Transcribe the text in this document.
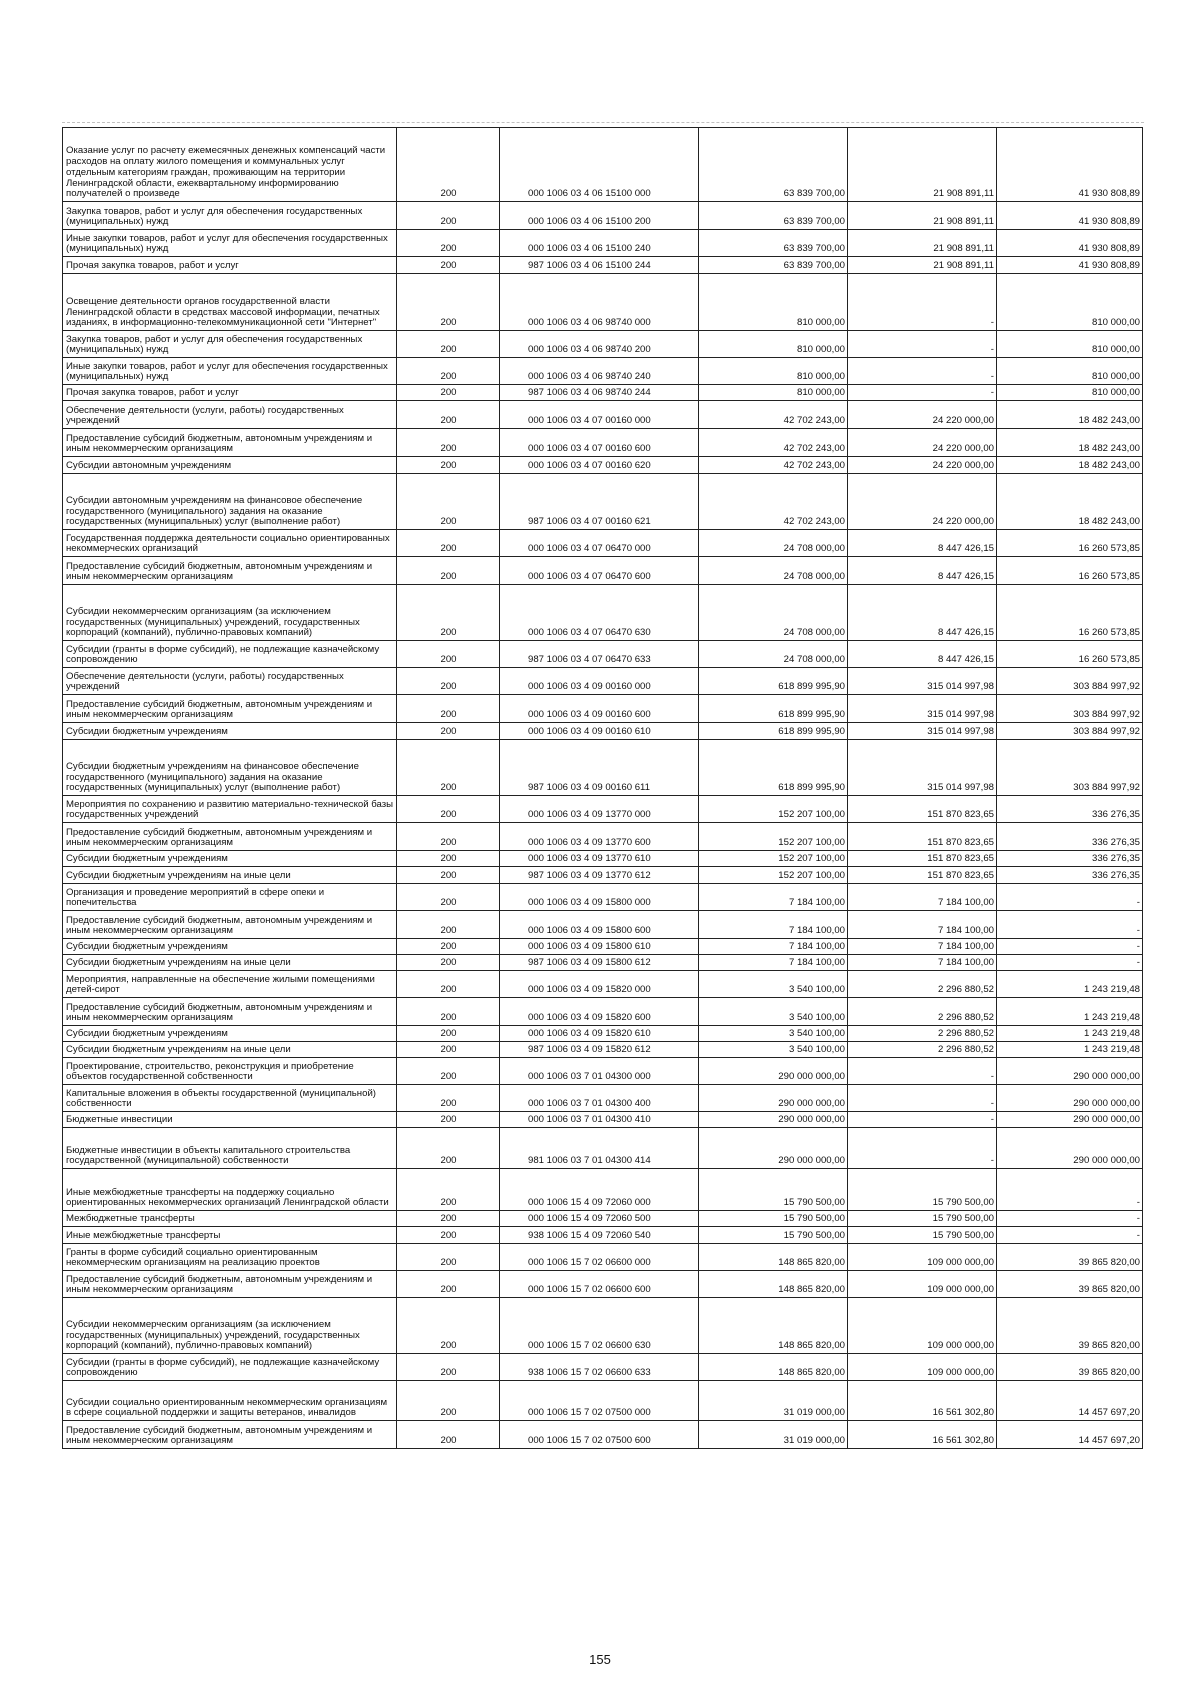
Оказание услуг по расчету ежемесячных денежных компенсаций части расходов на оплату жилого помещения и коммунальных услуг отдельным категориям граждан, проживающим на территории Ленинградской области, ежеквартальному информированию получателей о произведе	200	000 1006 03 4 06 15100 000	63 839 700,00	21 908 891,11	41 930 808,89
Закупка товаров, работ и услуг для обеспечения государственных (муниципальных) нужд	200	000 1006 03 4 06 15100 200	63 839 700,00	21 908 891,11	41 930 808,89
Иные закупки товаров, работ и услуг для обеспечения государственных (муниципальных) нужд	200	000 1006 03 4 06 15100 240	63 839 700,00	21 908 891,11	41 930 808,89
Прочая закупка товаров, работ и услуг	200	987 1006 03 4 06 15100 244	63 839 700,00	21 908 891,11	41 930 808,89
Освещение деятельности органов государственной власти Ленинградской области в средствах массовой информации, печатных изданиях, в информационно-телекоммуникационной сети "Интернет"	200	000 1006 03 4 06 98740 000	810 000,00	-	810 000,00
Закупка товаров, работ и услуг для обеспечения государственных (муниципальных) нужд	200	000 1006 03 4 06 98740 200	810 000,00	-	810 000,00
Иные закупки товаров, работ и услуг для обеспечения государственных (муниципальных) нужд	200	000 1006 03 4 06 98740 240	810 000,00	-	810 000,00
Прочая закупка товаров, работ и услуг	200	987 1006 03 4 06 98740 244	810 000,00	-	810 000,00
Обеспечение деятельности (услуги, работы) государственных учреждений	200	000 1006 03 4 07 00160 000	42 702 243,00	24 220 000,00	18 482 243,00
Предоставление субсидий бюджетным, автономным учреждениям и иным некоммерческим организациям	200	000 1006 03 4 07 00160 600	42 702 243,00	24 220 000,00	18 482 243,00
Субсидии автономным учреждениям	200	000 1006 03 4 07 00160 620	42 702 243,00	24 220 000,00	18 482 243,00
Субсидии автономным учреждениям на финансовое обеспечение государственного (муниципального) задания на оказание государственных (муниципальных) услуг (выполнение работ)	200	987 1006 03 4 07 00160 621	42 702 243,00	24 220 000,00	18 482 243,00
Государственная поддержка деятельности социально ориентированных некоммерческих организаций	200	000 1006 03 4 07 06470 000	24 708 000,00	8 447 426,15	16 260 573,85
Предоставление субсидий бюджетным, автономным учреждениям и иным некоммерческим организациям	200	000 1006 03 4 07 06470 600	24 708 000,00	8 447 426,15	16 260 573,85
Субсидии некоммерческим организациям (за исключением государственных (муниципальных) учреждений, государственных корпораций (компаний), публично-правовых компаний)	200	000 1006 03 4 07 06470 630	24 708 000,00	8 447 426,15	16 260 573,85
Субсидии (гранты в форме субсидий), не подлежащие казначейскому сопровождению	200	987 1006 03 4 07 06470 633	24 708 000,00	8 447 426,15	16 260 573,85
Обеспечение деятельности (услуги, работы) государственных учреждений	200	000 1006 03 4 09 00160 000	618 899 995,90	315 014 997,98	303 884 997,92
Предоставление субсидий бюджетным, автономным учреждениям и иным некоммерческим организациям	200	000 1006 03 4 09 00160 600	618 899 995,90	315 014 997,98	303 884 997,92
Субсидии бюджетным учреждениям	200	000 1006 03 4 09 00160 610	618 899 995,90	315 014 997,98	303 884 997,92
Субсидии бюджетным учреждениям на финансовое обеспечение государственного (муниципального) задания на оказание государственных (муниципальных) услуг (выполнение работ)	200	987 1006 03 4 09 00160 611	618 899 995,90	315 014 997,98	303 884 997,92
Мероприятия по сохранению и развитию материально-технической базы государственных учреждений	200	000 1006 03 4 09 13770 000	152 207 100,00	151 870 823,65	336 276,35
Предоставление субсидий бюджетным, автономным учреждениям и иным некоммерческим организациям	200	000 1006 03 4 09 13770 600	152 207 100,00	151 870 823,65	336 276,35
Субсидии бюджетным учреждениям	200	000 1006 03 4 09 13770 610	152 207 100,00	151 870 823,65	336 276,35
Субсидии бюджетным учреждениям на иные цели	200	987 1006 03 4 09 13770 612	152 207 100,00	151 870 823,65	336 276,35
Организация и проведение мероприятий в сфере опеки и попечительства	200	000 1006 03 4 09 15800 000	7 184 100,00	7 184 100,00	-
Предоставление субсидий бюджетным, автономным учреждениям и иным некоммерческим организациям	200	000 1006 03 4 09 15800 600	7 184 100,00	7 184 100,00	-
Субсидии бюджетным учреждениям	200	000 1006 03 4 09 15800 610	7 184 100,00	7 184 100,00	-
Субсидии бюджетным учреждениям на иные цели	200	987 1006 03 4 09 15800 612	7 184 100,00	7 184 100,00	-
Мероприятия, направленные на обеспечение жилыми помещениями детей-сирот	200	000 1006 03 4 09 15820 000	3 540 100,00	2 296 880,52	1 243 219,48
Предоставление субсидий бюджетным, автономным учреждениям и иным некоммерческим организациям	200	000 1006 03 4 09 15820 600	3 540 100,00	2 296 880,52	1 243 219,48
Субсидии бюджетным учреждениям	200	000 1006 03 4 09 15820 610	3 540 100,00	2 296 880,52	1 243 219,48
Субсидии бюджетным учреждениям на иные цели	200	987 1006 03 4 09 15820 612	3 540 100,00	2 296 880,52	1 243 219,48
Проектирование, строительство, реконструкция и приобретение объектов государственной собственности	200	000 1006 03 7 01 04300 000	290 000 000,00	-	290 000 000,00
Капитальные вложения в объекты государственной (муниципальной) собственности	200	000 1006 03 7 01 04300 400	290 000 000,00	-	290 000 000,00
Бюджетные инвестиции	200	000 1006 03 7 01 04300 410	290 000 000,00	-	290 000 000,00
Бюджетные инвестиции в объекты капитального строительства государственной (муниципальной) собственности	200	981 1006 03 7 01 04300 414	290 000 000,00	-	290 000 000,00
Иные межбюджетные трансферты на поддержку социально ориентированных некоммерческих организаций Ленинградской области	200	000 1006 15 4 09 72060 000	15 790 500,00	15 790 500,00	-
Межбюджетные трансферты	200	000 1006 15 4 09 72060 500	15 790 500,00	15 790 500,00	-
Иные межбюджетные трансферты	200	938 1006 15 4 09 72060 540	15 790 500,00	15 790 500,00	-
Гранты в форме субсидий социально ориентированным некоммерческим организациям на реализацию проектов	200	000 1006 15 7 02 06600 000	148 865 820,00	109 000 000,00	39 865 820,00
Предоставление субсидий бюджетным, автономным учреждениям и иным некоммерческим организациям	200	000 1006 15 7 02 06600 600	148 865 820,00	109 000 000,00	39 865 820,00
Субсидии некоммерческим организациям (за исключением государственных (муниципальных) учреждений, государственных корпораций (компаний), публично-правовых компаний)	200	000 1006 15 7 02 06600 630	148 865 820,00	109 000 000,00	39 865 820,00
Субсидии (гранты в форме субсидий), не подлежащие казначейскому сопровождению	200	938 1006 15 7 02 06600 633	148 865 820,00	109 000 000,00	39 865 820,00
Субсидии социально ориентированным некоммерческим организациям в сфере социальной поддержки и защиты ветеранов, инвалидов	200	000 1006 15 7 02 07500 000	31 019 000,00	16 561 302,80	14 457 697,20
Предоставление субсидий бюджетным, автономным учреждениям и иным некоммерческим организациям	200	000 1006 15 7 02 07500 600	31 019 000,00	16 561 302,80	14 457 697,20
155
